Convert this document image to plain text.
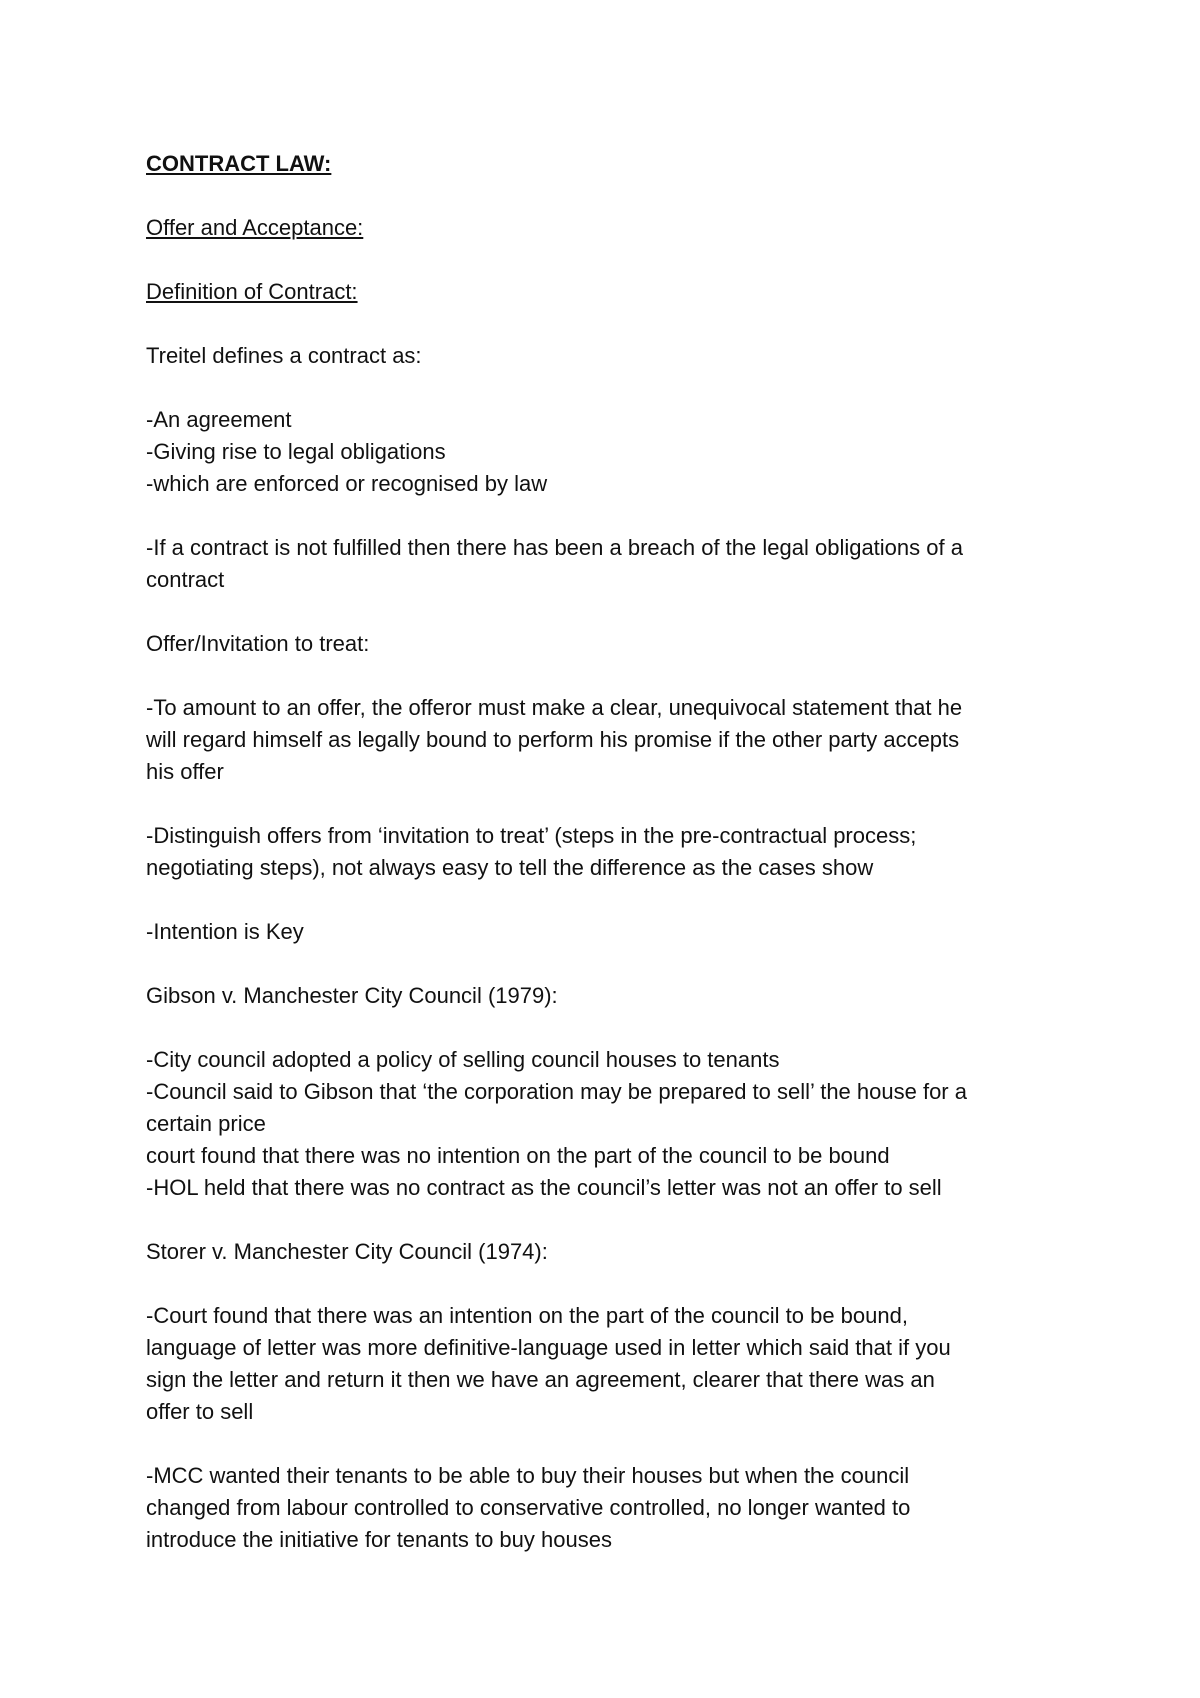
CONTRACT LAW:
Offer and Acceptance:
Definition of Contract:
Treitel defines a contract as:
-An agreement
-Giving rise to legal obligations
-which are enforced or recognised by law
-If a contract is not fulfilled then there has been a breach of the legal obligations of a
contract
Offer/Invitation to treat:
-To amount to an offer, the offeror must make a clear, unequivocal statement that he
will regard himself as legally bound to perform his promise if the other party accepts
his offer
-Distinguish offers from ‘invitation to treat’ (steps in the pre-contractual process;
negotiating steps), not always easy to tell the difference as the cases show
-Intention is Key
Gibson v. Manchester City Council (1979):
-City council adopted a policy of selling council houses to tenants
-Council said to Gibson that ‘the corporation may be prepared to sell’ the house for a
certain price
court found that there was no intention on the part of the council to be bound
-HOL held that there was no contract as the council’s letter was not an offer to sell
Storer v. Manchester City Council (1974):
-Court found that there was an intention on the part of the council to be bound,
language of letter was more definitive-language used in letter which said that if you
sign the letter and return it then we have an agreement, clearer that there was an
offer to sell
-MCC wanted their tenants to be able to buy their houses but when the council
changed from labour controlled to conservative controlled, no longer wanted to
introduce the initiative for tenants to buy houses
